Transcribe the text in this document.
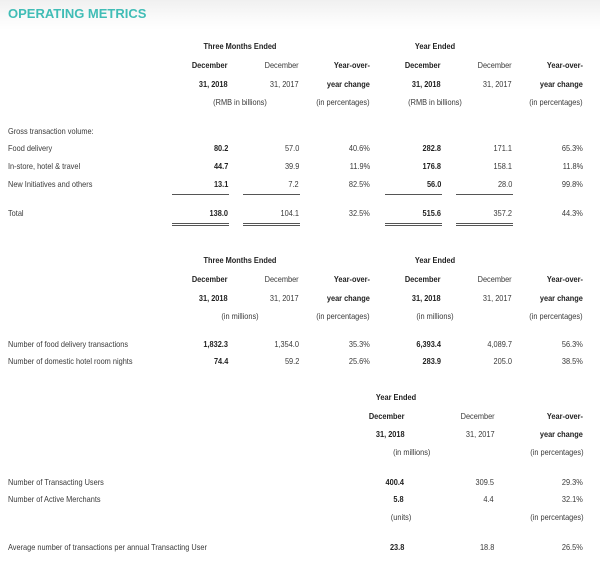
OPERATING METRICS
Three Months Ended	Year Ended
December	December	Year-over-	December	December	Year-over-
31, 2018	31, 2017	year change	31, 2018	31, 2017	year change
(RMB in billions)	(in percentages)	(RMB in billions)	(in percentages)
Gross transaction volume:
Food delivery	80.2	57.0	40.6%	282.8	171.1	65.3%
In-store, hotel & travel	44.7	39.9	11.9%	176.8	158.1	11.8%
New Initiatives and others	13.1	7.2	82.5%	56.0	28.0	99.8%
Total	138.0	104.1	32.5%	515.6	357.2	44.3%
Three Months Ended	Year Ended
December	December	Year-over-	December	December	Year-over-
31, 2018	31, 2017	year change	31, 2018	31, 2017	year change
(in millions)	(in percentages)	(in millions)	(in percentages)
Number of food delivery transactions	1,832.3	1,354.0	35.3%	6,393.4	4,089.7	56.3%
Number of domestic hotel room nights	74.4	59.2	25.6%	283.9	205.0	38.5%
Year Ended
December	December	Year-over-
31, 2018	31, 2017	year change
(in millions)	(in percentages)
Number of Transacting Users	400.4	309.5	29.3%
Number of Active Merchants	5.8	4.4	32.1%
(units)	(in percentages)
Average number of transactions per annual Transacting User	23.8	18.8	26.5%
